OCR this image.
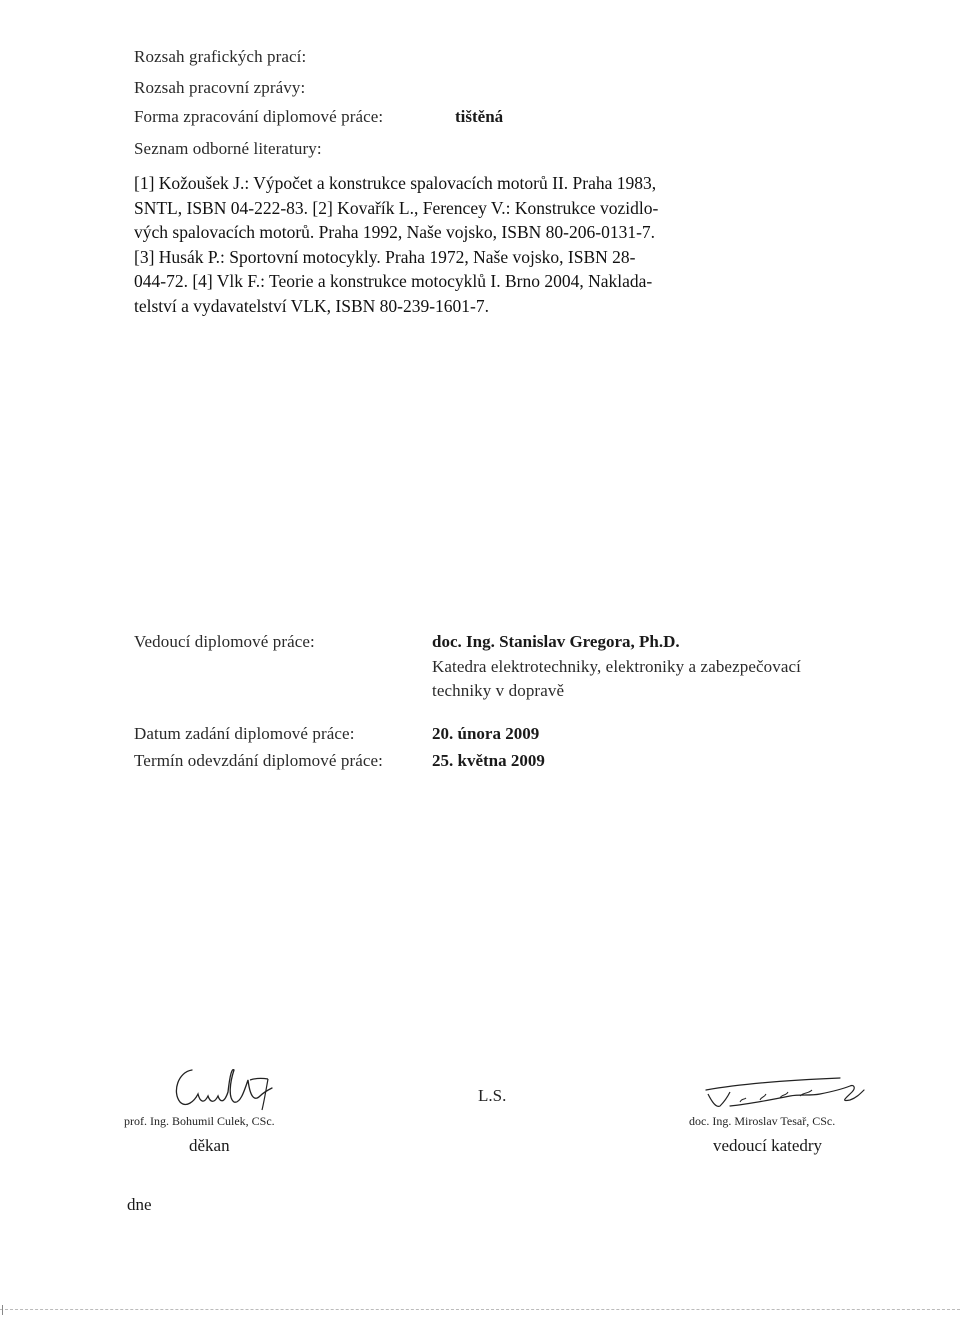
Rozsah grafických prací:
Rozsah pracovní zprávy:
Forma zpracování diplomové práce:	tištěná
Seznam odborné literatury:
[1] Kožoušek J.: Výpočet a konstrukce spalovacích motorů II. Praha 1983,
SNTL, ISBN 04-222-83. [2] Kovařík L., Ferencey V.: Konstrukce vozidlo-
vých spalovacích motorů. Praha 1992, Naše vojsko, ISBN 80-206-0131-7.
[3] Husák P.: Sportovní motocykly. Praha 1972, Naše vojsko, ISBN 28-
044-72. [4] Vlk F.: Teorie a konstrukce motocyklů I. Brno 2004, Naklada-
telství a vydavatelství VLK, ISBN 80-239-1601-7.
Vedoucí diplomové práce:	doc. Ing. Stanislav Gregora, Ph.D.
Katedra elektrotechniky, elektroniky a zabezpečovací
techniky v dopravě
Datum zadání diplomové práce:	20. února 2009
Termín odevzdání diplomové práce:	25. května 2009
prof. Ing. Bohumil Culek, CSc.
děkan
L.S.
doc. Ing. Miroslav Tesař, CSc.
vedoucí katedry
dne
